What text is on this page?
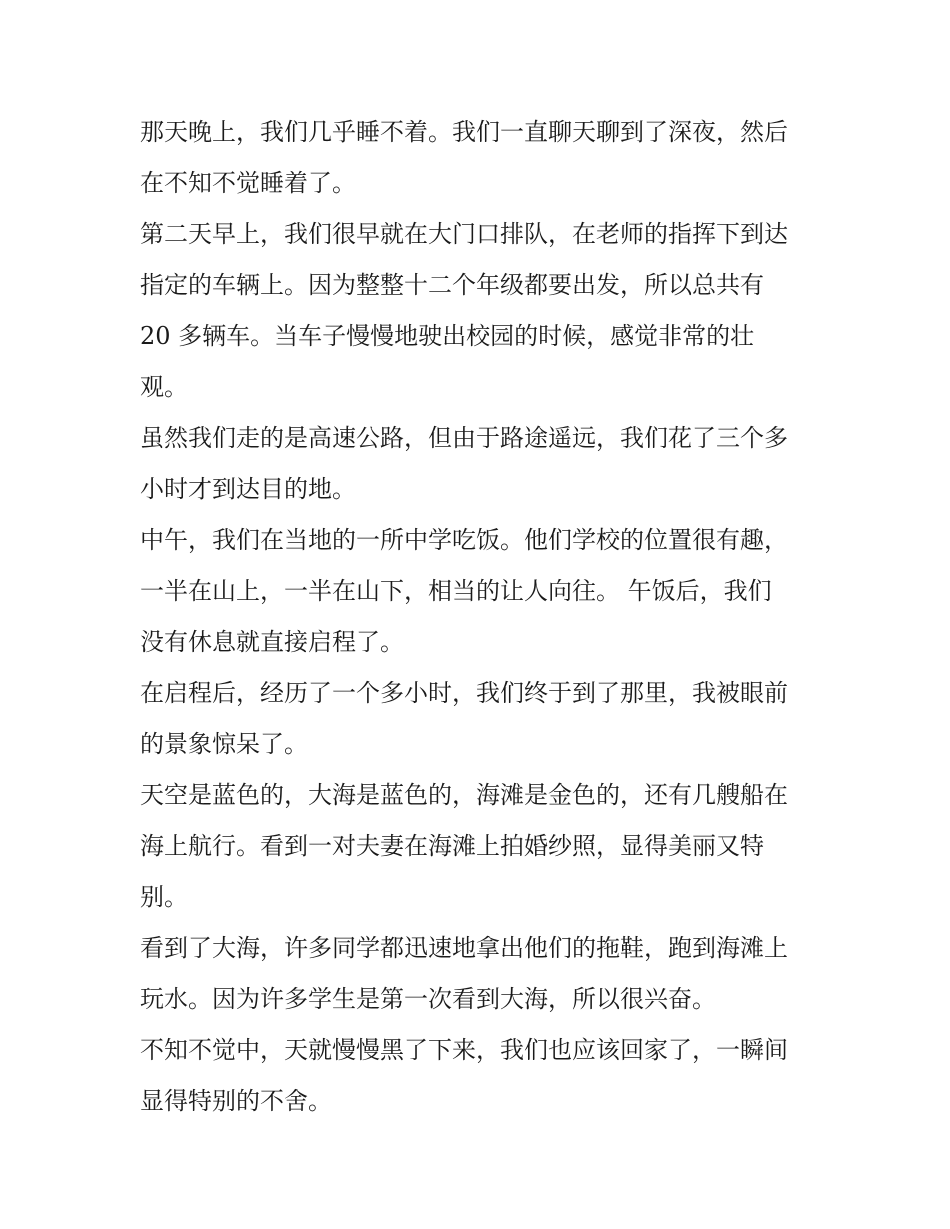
那天晚上，我们几乎睡不着。我们一直聊天聊到了深夜，然后
在不知不觉睡着了。

第二天早上，我们很早就在大门口排队，在老师的指挥下到达
指定的车辆上。因为整整十二个年级都要出发，所以总共有
20 多辆车。当车子慢慢地驶出校园的时候，感觉非常的壮
观。

虽然我们走的是高速公路，但由于路途遥远，我们花了三个多
小时才到达目的地。

中午，我们在当地的一所中学吃饭。他们学校的位置很有趣，
一半在山上，一半在山下，相当的让人向往。 午饭后，我们
没有休息就直接启程了。

在启程后，经历了一个多小时，我们终于到了那里，我被眼前
的景象惊呆了。

天空是蓝色的，大海是蓝色的，海滩是金色的，还有几艘船在
海上航行。看到一对夫妻在海滩上拍婚纱照，显得美丽又特
别。

看到了大海，许多同学都迅速地拿出他们的拖鞋，跑到海滩上
玩水。因为许多学生是第一次看到大海，所以很兴奋。

不知不觉中，天就慢慢黑了下来，我们也应该回家了，一瞬间
显得特别的不舍。
